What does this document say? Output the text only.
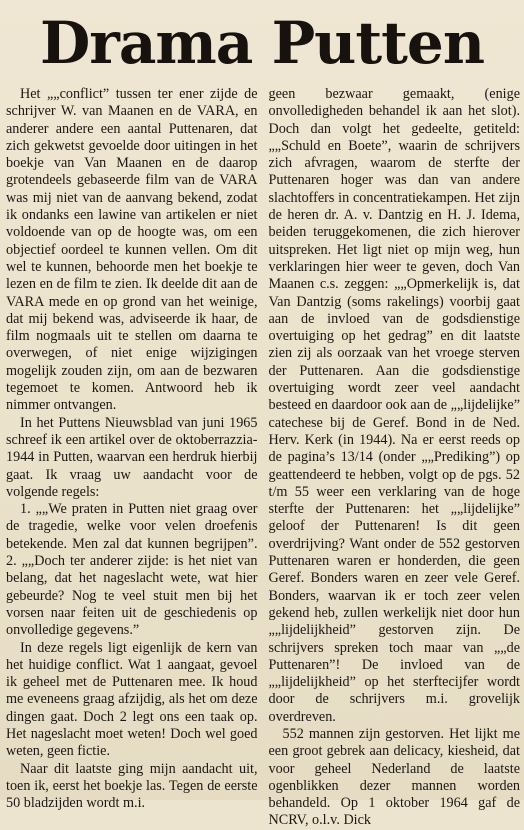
Drama Putten

Het „„conflict” tussen ter ener zijde de schrijver W. van Maanen en de VARA, en anderer andere een aantal Puttenaren, dat zich gekwetst gevoelde door uitingen in het boekje van Van Maanen en de daarop grotendeels gebaseerde film van de VARA was mij niet van de aanvang bekend, zodat ik ondanks een lawine van artikelen er niet voldoende van op de hoogte was, om een objectief oordeel te kunnen vellen. Om dit wel te kunnen, behoorde men het boekje te lezen en de film te zien. Ik deelde dit aan de VARA mede en op grond van het weinige, dat mij bekend was, adviseerde ik haar, de film nogmaals uit te stellen om daarna te overwegen, of niet enige wijzigingen mogelijk zouden zijn, om aan de bezwaren tegemoet te komen. Antwoord heb ik nimmer ontvangen.

In het Puttens Nieuwsblad van juni 1965 schreef ik een artikel over de oktoberrazzia-1944 in Putten, waarvan een herdruk hierbij gaat. Ik vraag uw aandacht voor de volgende regels:

1. „„We praten in Putten niet graag over de tragedie, welke voor velen droefenis betekende. Men zal dat kunnen begrijpen”. 2. „„Doch ter anderer zijde: is het niet van belang, dat het nageslacht wete, wat hier gebeurde? Nog te veel stuit men bij het vorsen naar feiten uit de geschiedenis op onvolledige gegevens.”

In deze regels ligt eigenlijk de kern van het huidige conflict. Wat 1 aangaat, gevoel ik geheel met de Puttenaren mee. Ik houd me eveneens graag afzijdig, als het om deze dingen gaat. Doch 2 legt ons een taak op. Het nageslacht moet weten! Doch wel goed weten, geen fictie.

Naar dit laatste ging mijn aandacht uit, toen ik, eerst het boekje las. Tegen de eerste 50 bladzijden wordt m.i.

geen bezwaar gemaakt, (enige onvolledigheden behandel ik aan het slot). Doch dan volgt het gedeelte, getiteld: „„Schuld en Boete”, waarin de schrijvers zich afvragen, waarom de sterfte der Puttenaren hoger was dan van andere slachtoffers in concentratiekampen. Het zijn de heren dr. A. v. Dantzig en H. J. Idema, beiden teruggekomenen, die zich hierover uitspreken. Het ligt niet op mijn weg, hun verklaringen hier weer te geven, doch Van Maanen c.s. zeggen: „„Opmerkelijk is, dat Van Dantzig (soms rakelings) voorbij gaat aan de invloed van de godsdienstige overtuiging op het gedrag” en dit laatste zien zij als oorzaak van het vroege sterven der Puttenaren. Aan die godsdienstige overtuiging wordt zeer veel aandacht besteed en daardoor ook aan de „„lijdelijke” catechese bij de Geref. Bond in de Ned. Herv. Kerk (in 1944). Na er eerst reeds op de pagina’s 13/14 (onder „„Prediking”) op geattendeerd te hebben, volgt op de pgs. 52 t/m 55 weer een verklaring van de hoge sterfte der Puttenaren: het „„lijdelijke” geloof der Puttenaren! Is dit geen overdrijving? Want onder de 552 gestorven Puttenaren waren er honderden, die geen Geref. Bonders waren en zeer vele Geref. Bonders, waarvan ik er toch zeer velen gekend heb, zullen werkelijk niet door hun „„lijdelijkheid” gestorven zijn. De schrijvers spreken toch maar van „„de Puttenaren”! De invloed van de „„lijdelijkheid” op het sterftecijfer wordt door de schrijvers m.i. grovelijk overdreven.

552 mannen zijn gestorven. Het lijkt me een groot gebrek aan delicacy, kiesheid, dat voor geheel Nederland de laatste ogenblikken dezer mannen worden behandeld. Op 1 oktober 1964 gaf de NCRV, o.l.v. Dick
